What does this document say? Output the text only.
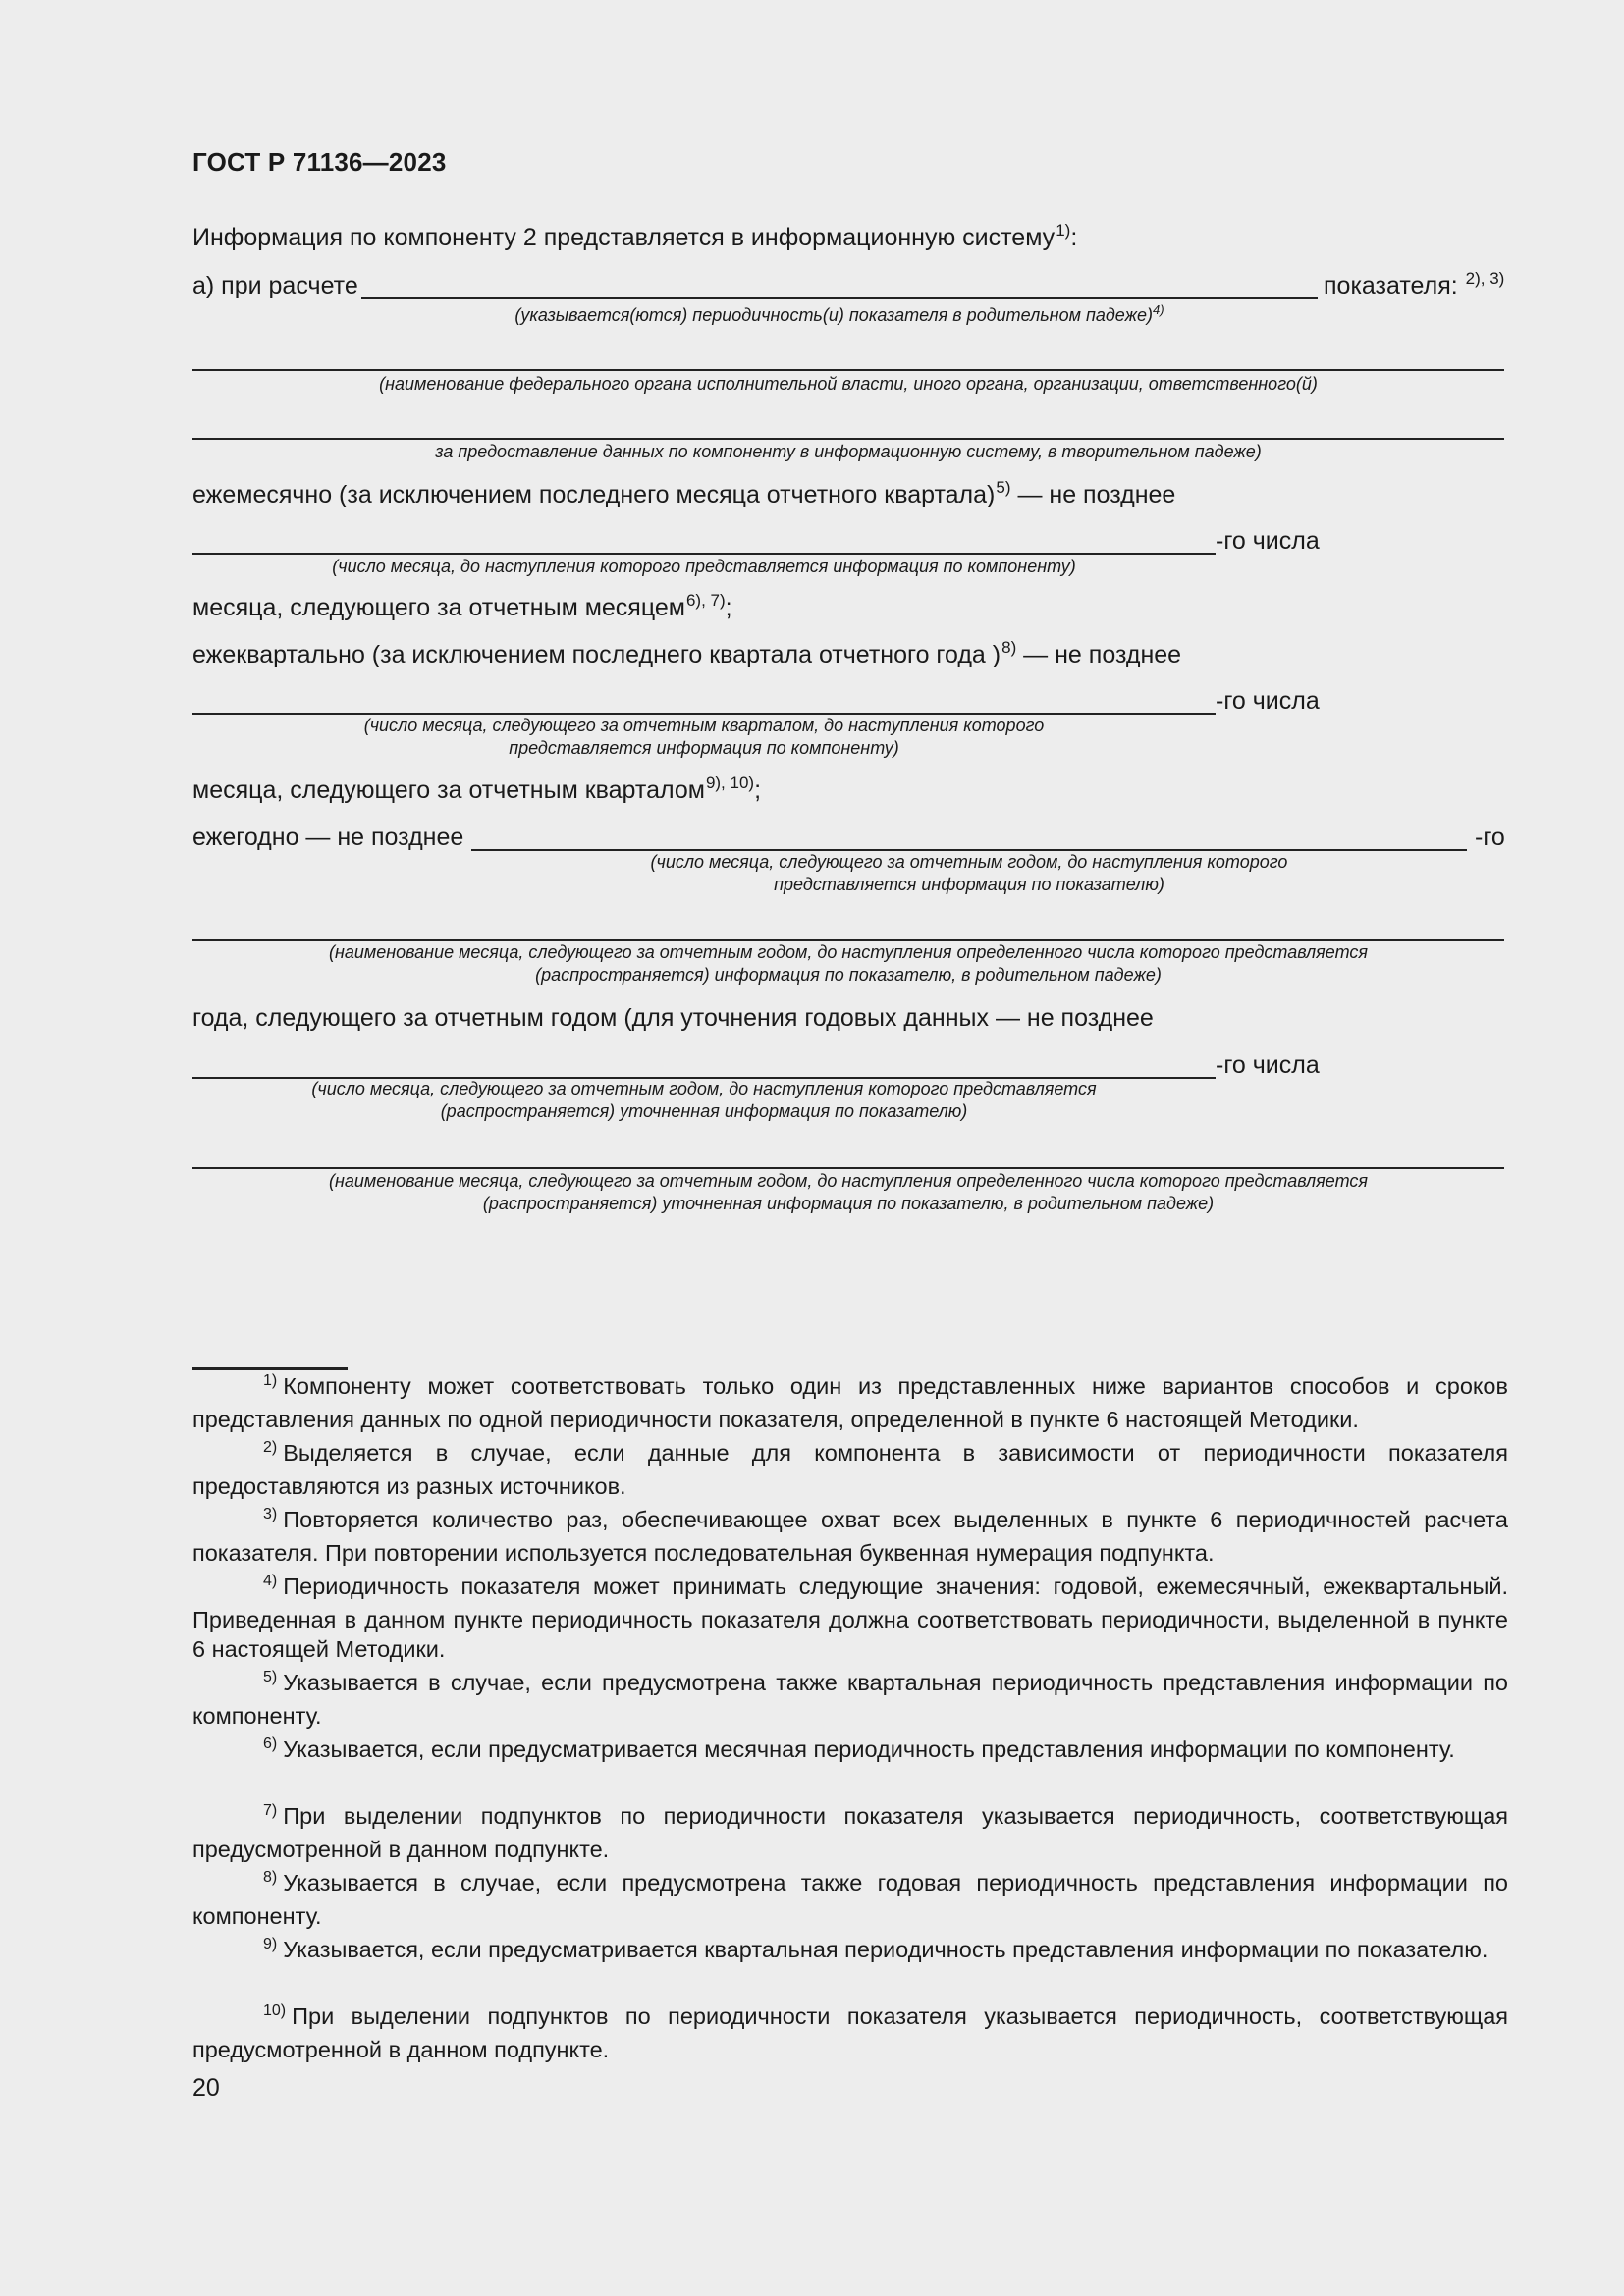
ГОСТ Р 71136—2023
Информация по компоненту 2 представляется в информационную систему$^{1)}$:
а) при расчете	показателя: $^{2), 3)}$
(указывается(ются) периодичность(и) показателя в родительном падеже)$^{4)}$
(наименование федерального органа исполнительной власти, иного органа, организации, ответственного(й)
за предоставление данных по компоненту в информационную систему, в творительном падеже)
ежемесячно (за исключением последнего месяца отчетного квартала)$^{5)}$ — не позднее
-го числа
(число месяца, до наступления которого представляется информация по компоненту)
месяца, следующего за отчетным месяцем$^{6), 7)}$;
ежеквартально (за исключением последнего квартала отчетного года )$^{8)}$ — не позднее
-го числа
(число месяца, следующего за отчетным кварталом, до наступления которого
представляется информация по компоненту)
месяца, следующего за отчетным кварталом$^{9), 10)}$;
ежегодно — не позднее	-го
(число месяца, следующего за отчетным годом, до наступления которого
представляется информация по показателю)
(наименование месяца, следующего за отчетным годом, до наступления определенного числа которого представляется
(распространяется) информация по показателю, в родительном падеже)
года, следующего за отчетным годом (для уточнения годовых данных — не позднее
-го числа
(число месяца, следующего за отчетным годом, до наступления которого представляется
(распространяется) уточненная информация по показателю)
(наименование месяца, следующего за отчетным годом, до наступления определенного числа которого представляется
(распространяется) уточненная информация по показателю, в родительном падеже)
$^{1)}$ Компоненту может соответствовать только один из представленных ниже вариантов способов и сроков представления данных по одной периодичности показателя, определенной в пункте 6 настоящей Методики.
$^{2)}$ Выделяется в случае, если данные для компонента в зависимости от периодичности показателя предоставляются из разных источников.
$^{3)}$ Повторяется количество раз, обеспечивающее охват всех выделенных в пункте 6 периодичностей расчета показателя. При повторении используется последовательная буквенная нумерация подпункта.
$^{4)}$ Периодичность показателя может принимать следующие значения: годовой, ежемесячный, ежеквартальный. Приведенная в данном пункте периодичность показателя должна соответствовать периодичности, выделенной в пункте 6 настоящей Методики.
$^{5)}$ Указывается в случае, если предусмотрена также квартальная периодичность представления информации по компоненту.
$^{6)}$ Указывается, если предусматривается месячная периодичность представления информации по компоненту.
$^{7)}$ При выделении подпунктов по периодичности показателя указывается периодичность, соответствующая предусмотренной в данном подпункте.
$^{8)}$ Указывается в случае, если предусмотрена также годовая периодичность представления информации по компоненту.
$^{9)}$ Указывается, если предусматривается квартальная периодичность представления информации по показателю.
$^{10)}$ При выделении подпунктов по периодичности показателя указывается периодичность, соответствующая предусмотренной в данном подпункте.
20
